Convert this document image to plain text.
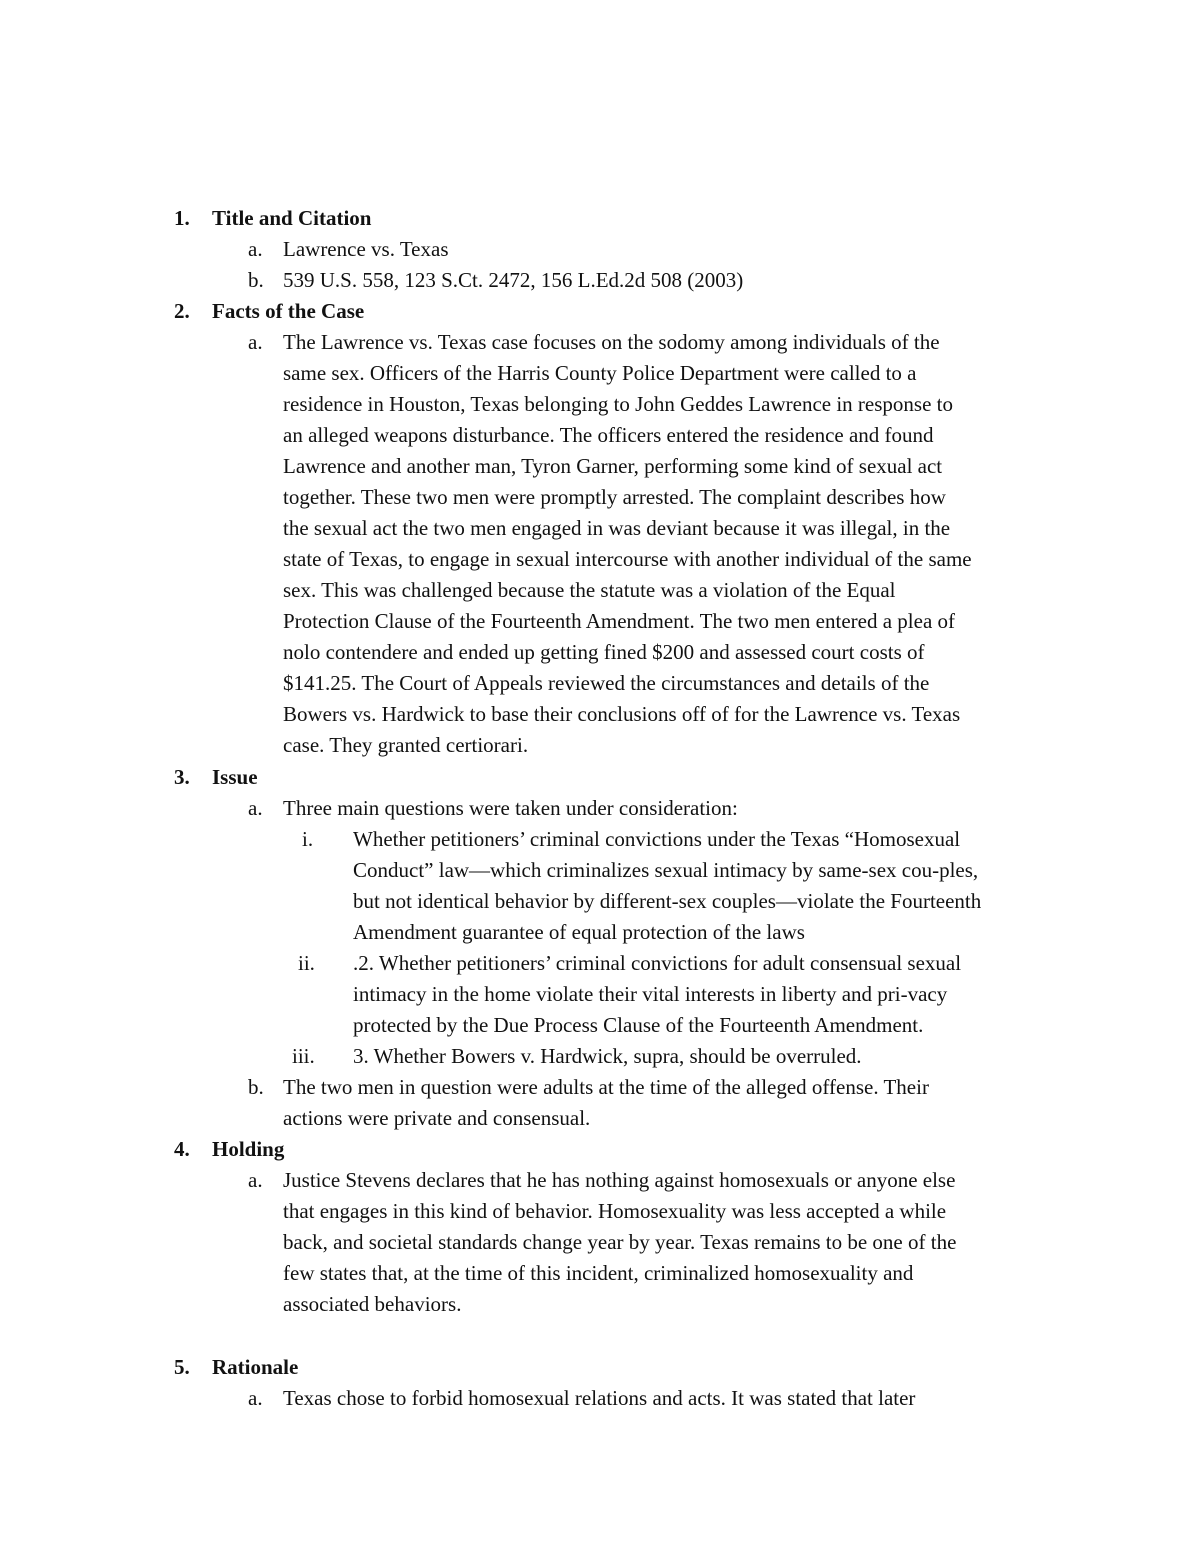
1. Title and Citation
a. Lawrence vs. Texas
b. 539 U.S. 558, 123 S.Ct. 2472, 156 L.Ed.2d 508 (2003)
2. Facts of the Case
a. The Lawrence vs. Texas case focuses on the sodomy among individuals of the
same sex. Officers of the Harris County Police Department were called to a
residence in Houston, Texas belonging to John Geddes Lawrence in response to
an alleged weapons disturbance. The officers entered the residence and found
Lawrence and another man, Tyron Garner, performing some kind of sexual act
together. These two men were promptly arrested. The complaint describes how
the sexual act the two men engaged in was deviant because it was illegal, in the
state of Texas, to engage in sexual intercourse with another individual of the same
sex. This was challenged because the statute was a violation of the Equal
Protection Clause of the Fourteenth Amendment. The two men entered a plea of
nolo contendere and ended up getting fined $200 and assessed court costs of
$141.25. The Court of Appeals reviewed the circumstances and details of the
Bowers vs. Hardwick to base their conclusions off of for the Lawrence vs. Texas
case. They granted certiorari.
3. Issue
a. Three main questions were taken under consideration:
i. Whether petitioners’ criminal convictions under the Texas “Homosexual
Conduct” law—which criminalizes sexual intimacy by same-sex cou-ples,
but not identical behavior by different-sex couples—violate the Fourteenth
Amendment guarantee of equal protection of the laws
ii. .2. Whether petitioners’ criminal convictions for adult consensual sexual
intimacy in the home violate their vital interests in liberty and pri-vacy
protected by the Due Process Clause of the Fourteenth Amendment.
iii. 3. Whether Bowers v. Hardwick, supra, should be overruled.
b. The two men in question were adults at the time of the alleged offense. Their
actions were private and consensual.
4. Holding
a. Justice Stevens declares that he has nothing against homosexuals or anyone else
that engages in this kind of behavior. Homosexuality was less accepted a while
back, and societal standards change year by year. Texas remains to be one of the
few states that, at the time of this incident, criminalized homosexuality and
associated behaviors.
5. Rationale
a. Texas chose to forbid homosexual relations and acts. It was stated that later
